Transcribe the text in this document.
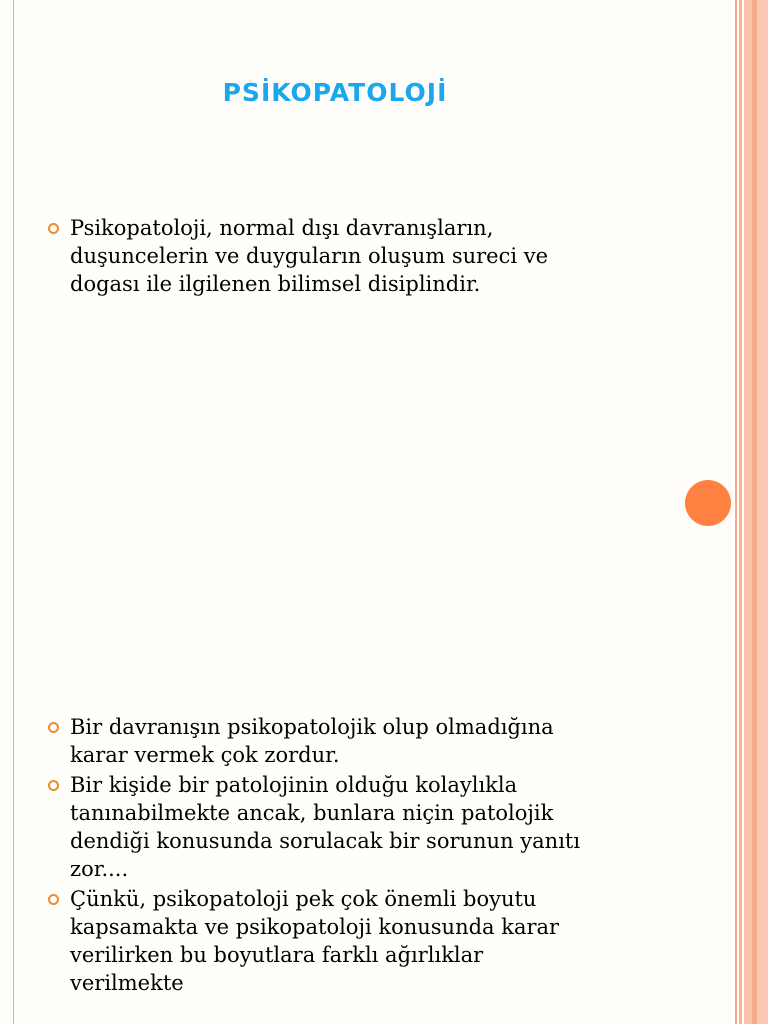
PSİKOPATOLOJİ
Psikopatoloji, normal dışı davranışların,
duşuncelerin ve duyguların oluşum sureci ve
dogası ile ilgilenen bilimsel disiplindir.
Bir davranışın psikopatolojik olup olmadığına
karar vermek çok zordur.
Bir kişide bir patolojinin olduğu kolaylıkla
tanınabilmekte ancak, bunlara niçin patolojik
dendiği konusunda sorulacak bir sorunun yanıtı
zor....
Çünkü, psikopatoloji pek çok önemli boyutu
kapsamakta ve psikopatoloji konusunda karar
verilirken bu boyutlara farklı ağırlıklar
verilmekte
